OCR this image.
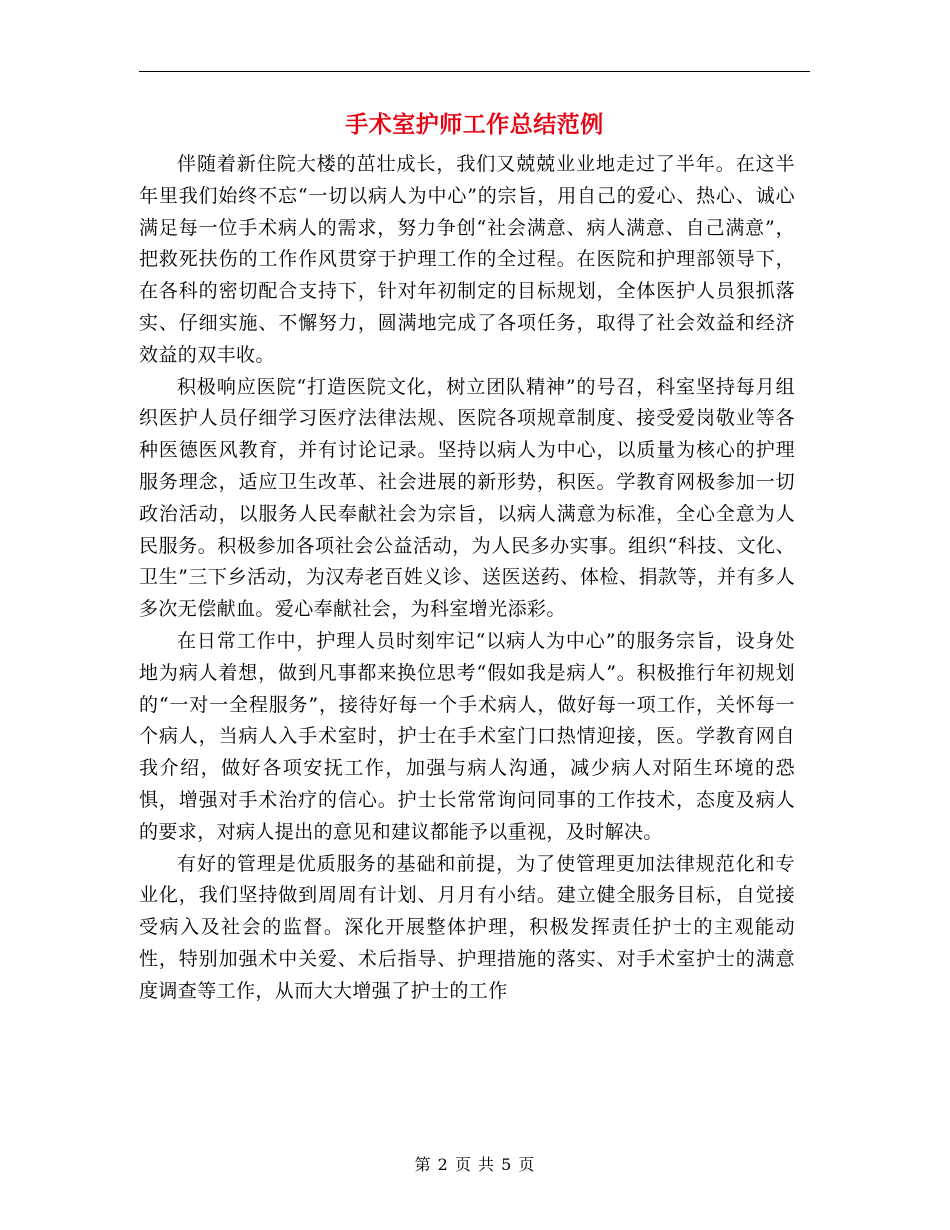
手术室护师工作总结范例

伴随着新住院大楼的茁壮成长，我们又兢兢业业地走过了半年。在这半年里我们始终不忘“一切以病人为中心”的宗旨，用自己的爱心、热心、诚心满足每一位手术病人的需求，努力争创“社会满意、病人满意、自己满意”，把救死扶伤的工作作风贯穿于护理工作的全过程。在医院和护理部领导下，在各科的密切配合支持下，针对年初制定的目标规划，全体医护人员狠抓落实、仔细实施、不懈努力，圆满地完成了各项任务，取得了社会效益和经济效益的双丰收。

积极响应医院“打造医院文化，树立团队精神”的号召，科室坚持每月组织医护人员仔细学习医疗法律法规、医院各项规章制度、接受爱岗敬业等各种医德医风教育，并有讨论记录。坚持以病人为中心，以质量为核心的护理服务理念，适应卫生改革、社会进展的新形势，积医。学教育网极参加一切政治活动，以服务人民奉献社会为宗旨，以病人满意为标准，全心全意为人民服务。积极参加各项社会公益活动，为人民多办实事。组织“科技、文化、卫生”三下乡活动，为汉寿老百姓义诊、送医送药、体检、捐款等，并有多人多次无偿献血。爱心奉献社会，为科室增光添彩。

在日常工作中，护理人员时刻牢记“以病人为中心”的服务宗旨，设身处地为病人着想，做到凡事都来换位思考“假如我是病人”。积极推行年初规划的“一对一全程服务”，接待好每一个手术病人，做好每一项工作，关怀每一个病人，当病人入手术室时，护士在手术室门口热情迎接，医。学教育网自我介绍，做好各项安抚工作，加强与病人沟通，减少病人对陌生环境的恐惧，增强对手术治疗的信心。护士长常常询问同事的工作技术，态度及病人的要求，对病人提出的意见和建议都能予以重视，及时解决。

有好的管理是优质服务的基础和前提，为了使管理更加法律规范化和专业化，我们坚持做到周周有计划、月月有小结。建立健全服务目标，自觉接受病入及社会的监督。深化开展整体护理，积极发挥责任护士的主观能动性，特别加强术中关爱、术后指导、护理措施的落实、对手术室护士的满意度调查等工作，从而大大增强了护士的工作

第 2 页 共 5 页
